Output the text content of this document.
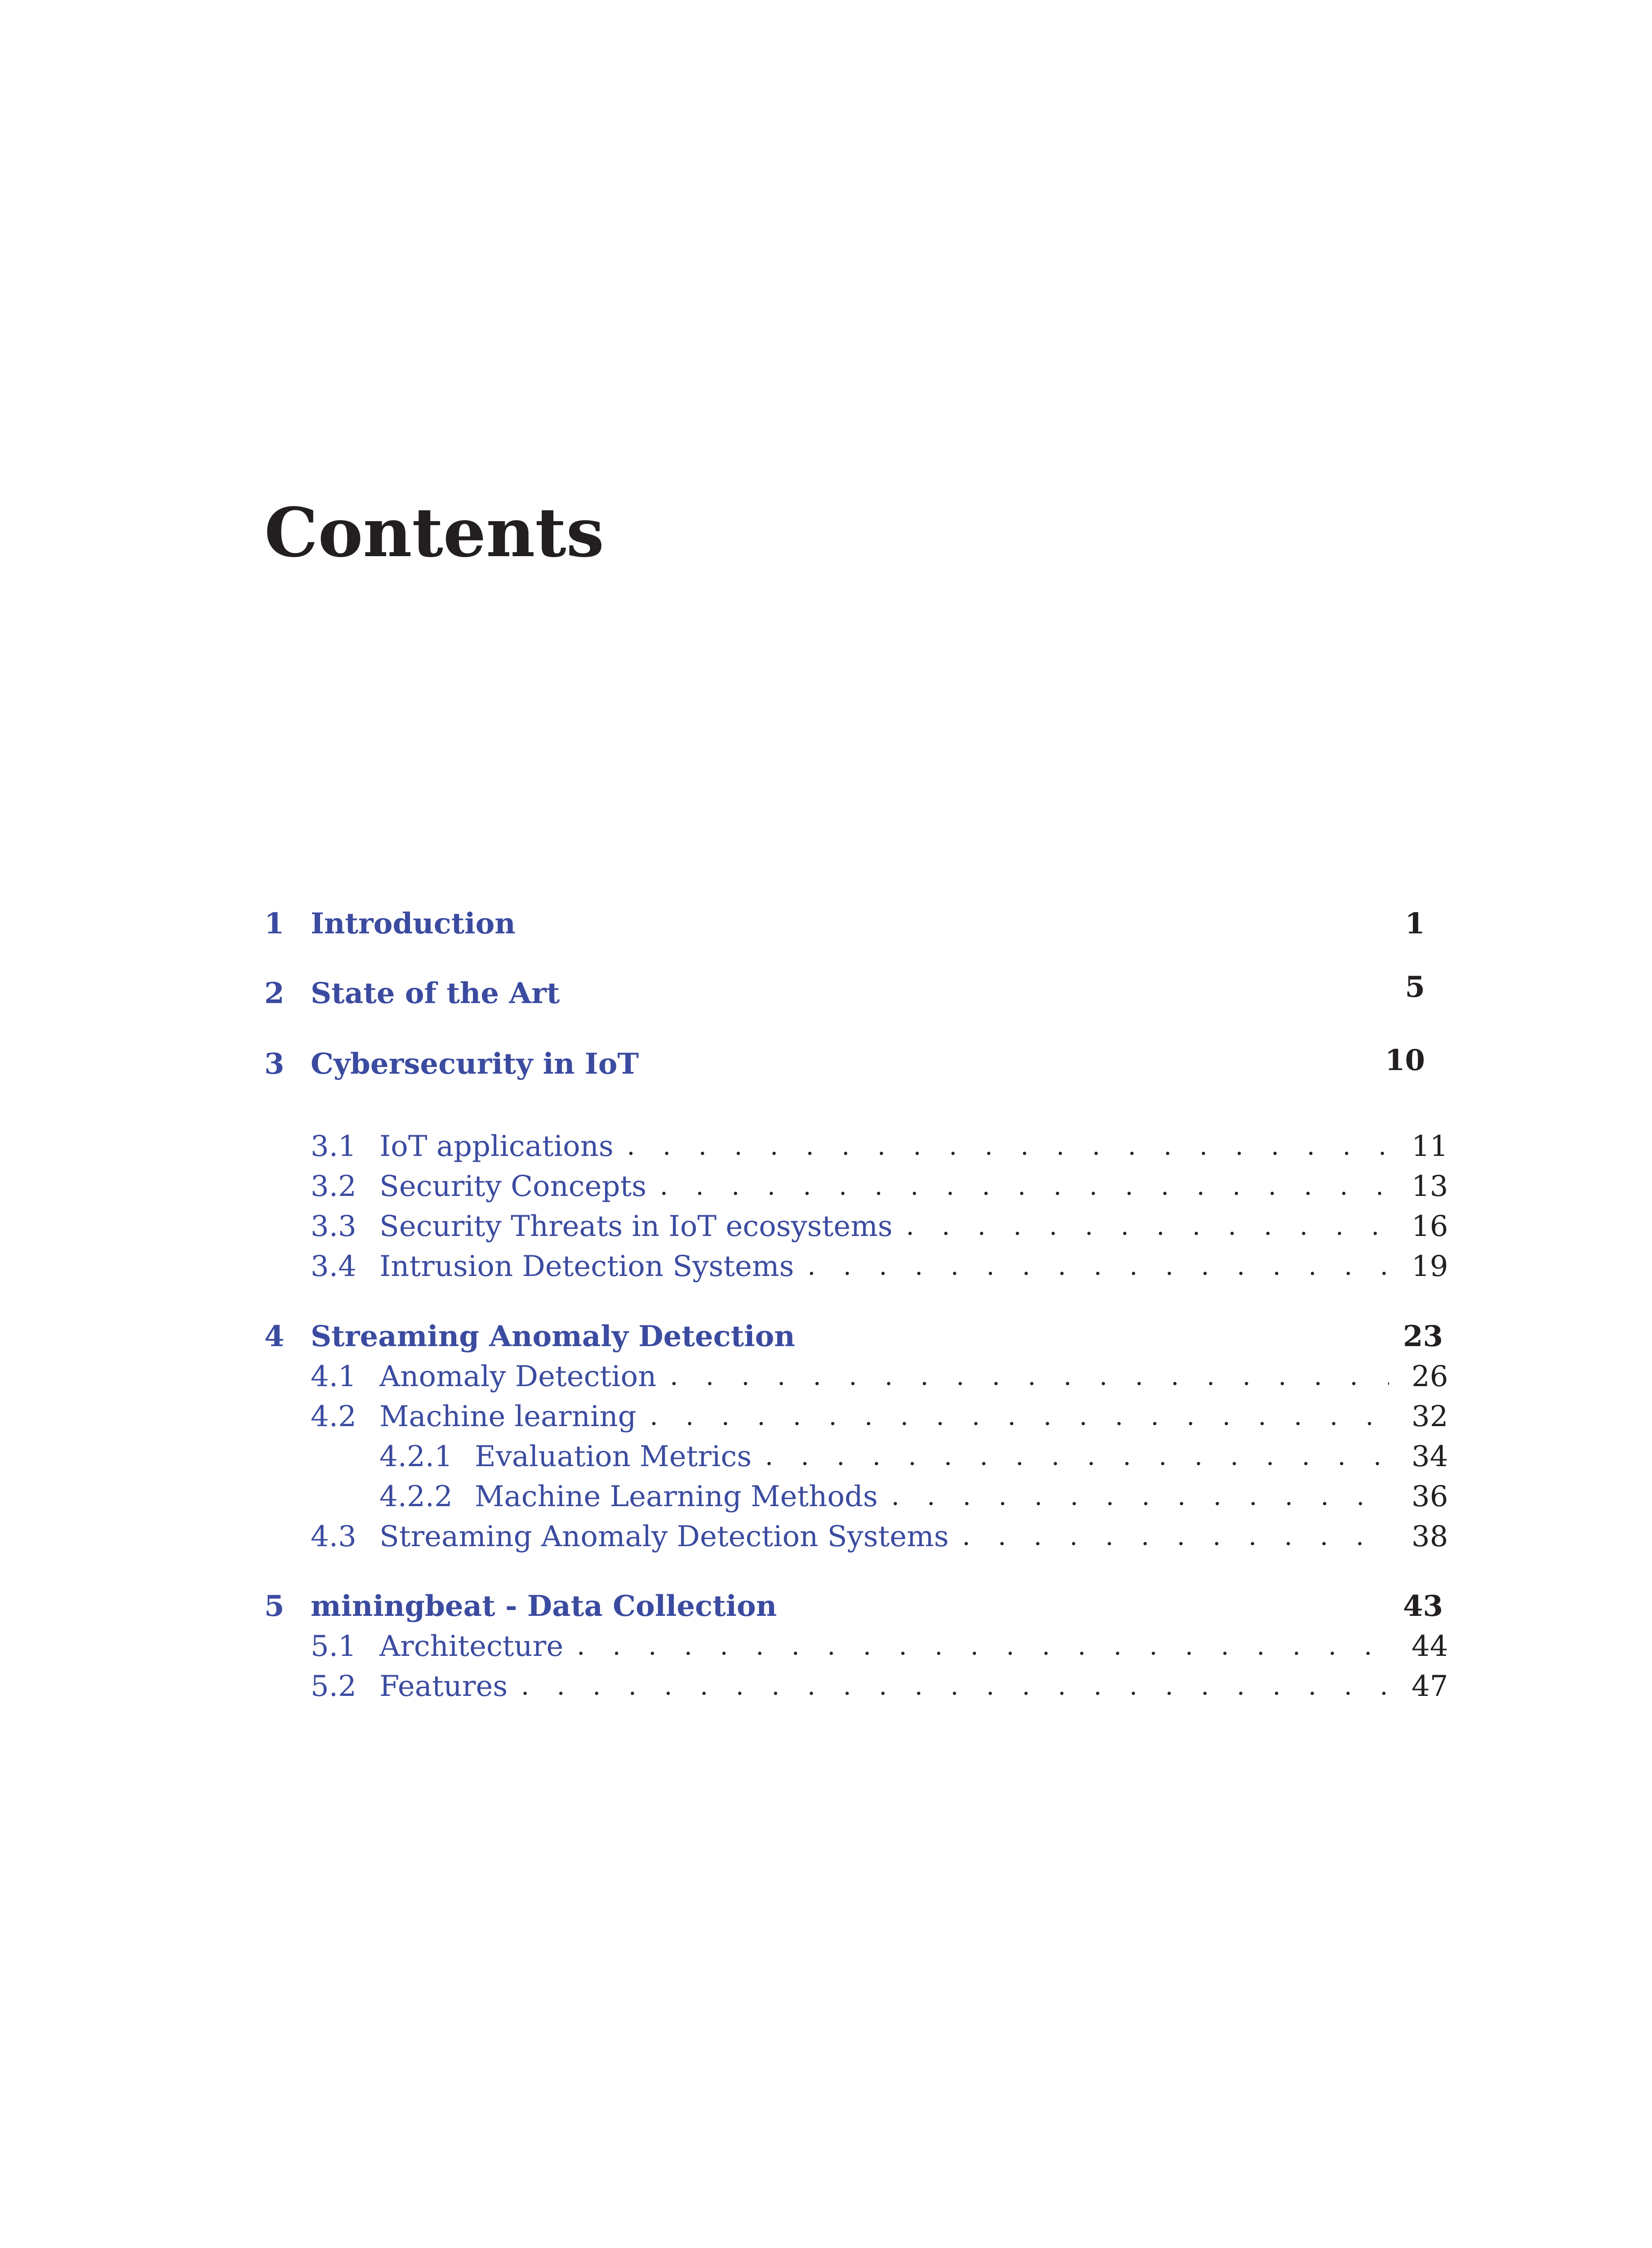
Contents
1 Introduction	1
2 State of the Art	5
3 Cybersecurity in IoT	10
3.1 IoT applications . . .	11
3.2 Security Concepts . . .	13
3.3 Security Threats in IoT ecosystems . . .	16
3.4 Intrusion Detection Systems . . .	19
4 Streaming Anomaly Detection	23
4.1 Anomaly Detection . . .	26
4.2 Machine learning . . .	32
4.2.1 Evaluation Metrics . . .	34
4.2.2 Machine Learning Methods . . .	36
4.3 Streaming Anomaly Detection Systems . . .	38
5 miningbeat - Data Collection	43
5.1 Architecture . . .	44
5.2 Features . . .	47
